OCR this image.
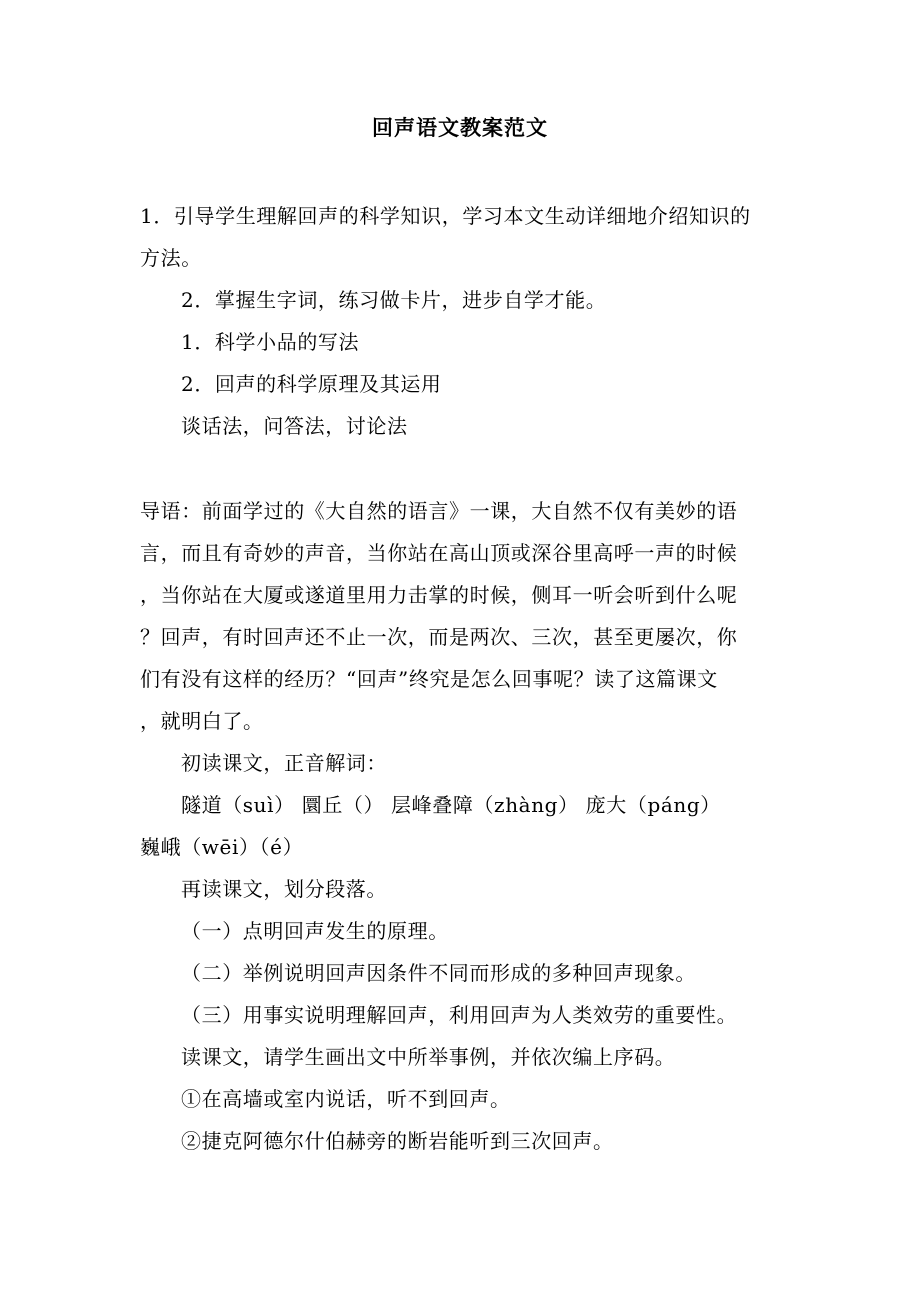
回声语文教案范文
1．引导学生理解回声的科学知识，学习本文生动详细地介绍知识的
方法。
2．掌握生字词，练习做卡片，进步自学才能。
1．科学小品的写法
2．回声的科学原理及其运用
谈话法，问答法，讨论法
导语：前面学过的《大自然的语言》一课，大自然不仅有美妙的语
言，而且有奇妙的声音，当你站在高山顶或深谷里高呼一声的时候
，当你站在大厦或遂道里用力击掌的时候，侧耳一听会听到什么呢
？回声，有时回声还不止一次，而是两次、三次，甚至更屡次，你
们有没有这样的经历？“回声”终究是怎么回事呢？读了这篇课文
，就明白了。
初读课文，正音解词：
隧道（suì） 圜丘（） 层峰叠障（zhàng） 庞大（páng）
巍峨（wēi）（é）
再读课文，划分段落。
（一）点明回声发生的原理。
（二）举例说明回声因条件不同而形成的多种回声现象。
（三）用事实说明理解回声，利用回声为人类效劳的重要性。
读课文，请学生画出文中所举事例，并依次编上序码。
①在高墙或室内说话，听不到回声。
②捷克阿德尔什伯赫旁的断岩能听到三次回声。
